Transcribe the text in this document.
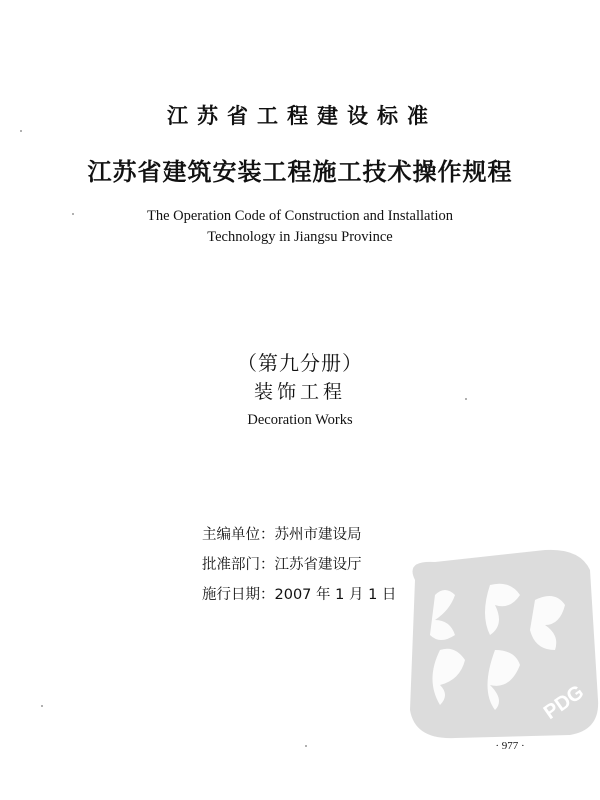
江苏省工程建设标准
江苏省建筑安装工程施工技术操作规程
The Operation Code of Construction and Installation
Technology in Jiangsu Province
（第九分册）
装饰工程
Decoration Works
主编单位：苏州市建设局
批准部门：江苏省建设厅
施行日期：2007 年 1 月 1 日
PDG
· 977 ·
